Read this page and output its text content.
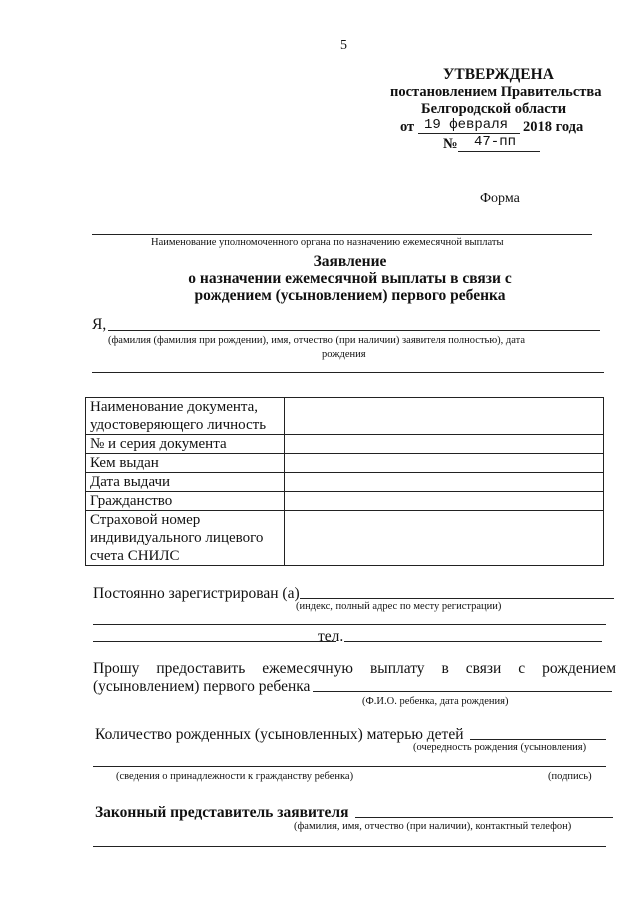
5
УТВЕРЖДЕНА
постановлением Правительства
Белгородской области
от 19 февраля 2018 года
№ 47-пп
Форма
Наименование уполномоченного органа по назначению ежемесячной выплаты
Заявление
о назначении ежемесячной выплаты в связи с
рождением (усыновлением) первого ребенка
Я,
(фамилия (фамилия при рождении), имя, отчество (при наличии) заявителя полностью), дата
рождения
Наименование документа, удостоверяющего личность	
№ и серия документа	
Кем выдан	
Дата выдачи	
Гражданство	
Страховой номер индивидуального лицевого счета СНИЛС	
Постоянно зарегистрирован (а)
(индекс, полный адрес по месту регистрации)
тел.
Прошу предоставить ежемесячную выплату в связи с рождением
(усыновлением) первого ребенка
(Ф.И.О. ребенка, дата рождения)
Количество рожденных (усыновленных) матерью детей
(очередность рождения (усыновления)
(сведения о принадлежности к гражданству ребенка)	(подпись)
Законный представитель заявителя
(фамилия, имя, отчество (при наличии), контактный телефон)
